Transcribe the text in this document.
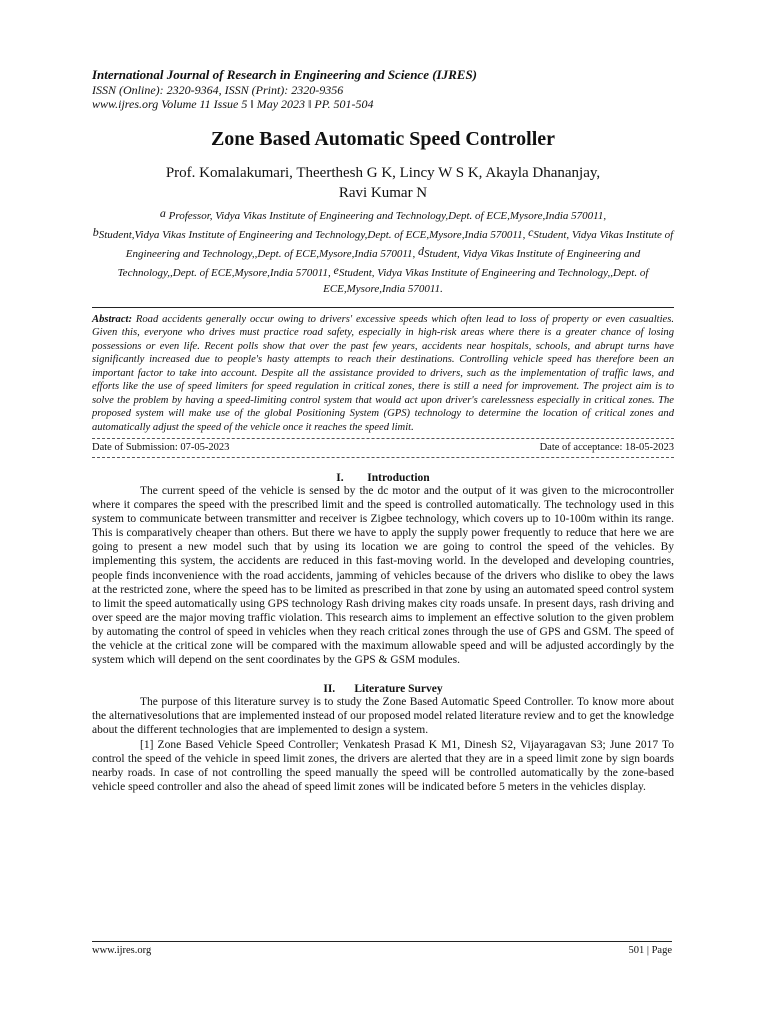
International Journal of Research in Engineering and Science (IJRES)
ISSN (Online): 2320-9364, ISSN (Print): 2320-9356
www.ijres.org Volume 11 Issue 5 ǁ May 2023 ǁ PP. 501-504
Zone Based Automatic Speed Controller
Prof. Komalakumari, Theerthesh G K, Lincy W S K, Akayla Dhananjay,
Ravi Kumar N
$^a$ Professor, Vidya Vikas Institute of Engineering and Technology,Dept. of ECE,Mysore,India 570011,
$^b$Student,Vidya Vikas Institute of Engineering and Technology,Dept. of ECE,Mysore,India 570011, $^c$Student, Vidya Vikas Institute of Engineering and Technology,,Dept. of ECE,Mysore,India 570011, $^d$Student, Vidya Vikas Institute of Engineering and Technology,,Dept. of ECE,Mysore,India 570011, $^e$Student, Vidya Vikas Institute of Engineering and Technology,,Dept. of ECE,Mysore,India 570011.
Abstract: Road accidents generally occur owing to drivers' excessive speeds which often lead to loss of property or even casualties. Given this, everyone who drives must practice road safety, especially in high-risk areas where there is a greater chance of losing possessions or even life. Recent polls show that over the past few years, accidents near hospitals, schools, and abrupt turns have significantly increased due to people's hasty attempts to reach their destinations. Controlling vehicle speed has therefore been an important factor to take into account. Despite all the assistance provided to drivers, such as the implementation of traffic laws, and efforts like the use of speed limiters for speed regulation in critical zones, there is still a need for improvement. The project aim is to solve the problem by having a speed-limiting control system that would act upon driver's carelessness especially in critical zones. The proposed system will make use of the global Positioning System (GPS) technology to determine the location of critical zones and automatically adjust the speed of the vehicle once it reaches the speed limit.
Date of Submission: 07-05-2023	Date of acceptance: 18-05-2023
I. Introduction

The current speed of the vehicle is sensed by the dc motor and the output of it was given to the microcontroller where it compares the speed with the prescribed limit and the speed is controlled automatically. The technology used in this system to communicate between transmitter and receiver is Zigbee technology, which covers up to 10-100m within its range. This is comparatively cheaper than others. But there we have to apply the supply power frequently to reduce that here we are going to present a new model such that by using its location we are going to control the speed of the vehicles. By implementing this system, the accidents are reduced in this fast-moving world. In the developed and developing countries, people finds inconvenience with the road accidents, jamming of vehicles because of the drivers who dislike to obey the laws at the restricted zone, where the speed has to be limited as prescribed in that zone by using an automated speed control system to limit the speed automatically using GPS technology Rash driving makes city roads unsafe. In present days, rash driving and over speed are the major moving traffic violation. This research aims to implement an effective solution to the given problem by automating the control of speed in vehicles when they reach critical zones through the use of GPS and GSM. The speed of the vehicle at the critical zone will be compared with the maximum allowable speed and will be adjusted accordingly by the system which will depend on the sent coordinates by the GPS & GSM modules.

II. Literature Survey

The purpose of this literature survey is to study the Zone Based Automatic Speed Controller. To know more about the alternativesolutions that are implemented instead of our proposed model related literature review and to get the knowledge about the different technologies that are implemented to design a system.

[1] Zone Based Vehicle Speed Controller; Venkatesh Prasad K M1, Dinesh S2, Vijayaragavan S3; June 2017 To control the speed of the vehicle in speed limit zones, the drivers are alerted that they are in a speed limit zone by sign boards nearby roads. In case of not controlling the speed manually the speed will be controlled automatically by the zone-based vehicle speed controller and also the ahead of speed limit zones will be indicated before 5 meters in the vehicles display.

www.ijres.org	501 | Page
